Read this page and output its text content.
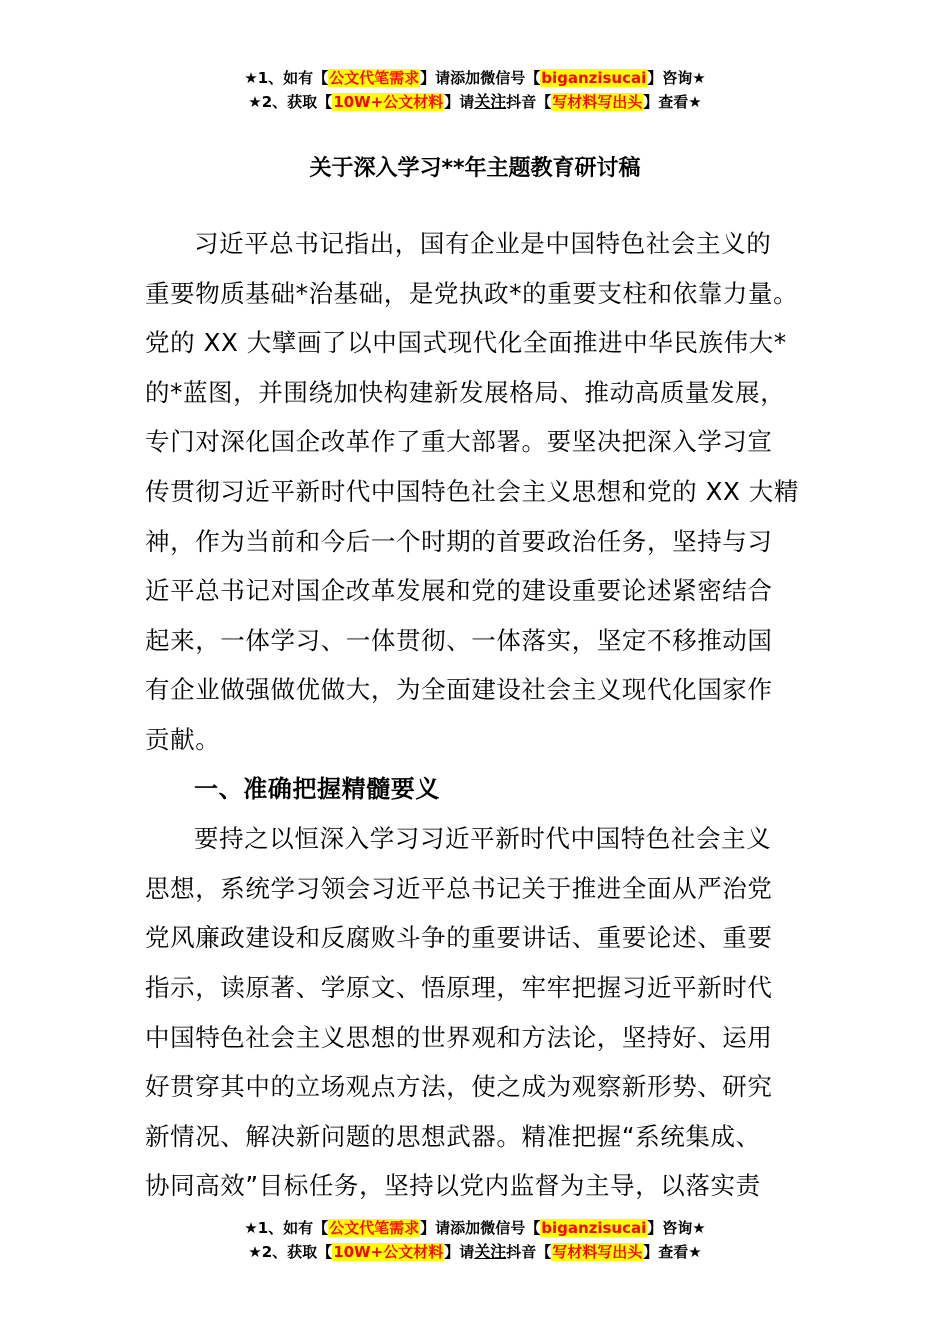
★1、如有【公文代笔需求】请添加微信号【biganzisucai】咨询★
★2、获取【10W+公文材料】请关注抖音【写材料写出头】查看★
关于深入学习**年主题教育研讨稿

习近平总书记指出，国有企业是中国特色社会主义的
重要物质基础*治基础，是党执政*的重要支柱和依靠力量。
党的 XX 大擘画了以中国式现代化全面推进中华民族伟大*
的*蓝图，并围绕加快构建新发展格局、推动高质量发展，
专门对深化国企改革作了重大部署。要坚决把深入学习宣
传贯彻习近平新时代中国特色社会主义思想和党的 XX 大精
神，作为当前和今后一个时期的首要政治任务，坚持与习
近平总书记对国企改革发展和党的建设重要论述紧密结合
起来，一体学习、一体贯彻、一体落实，坚定不移推动国
有企业做强做优做大，为全面建设社会主义现代化国家作
贡献。

一、准确把握精髓要义

要持之以恒深入学习习近平新时代中国特色社会主义
思想，系统学习领会习近平总书记关于推进全面从严治党
党风廉政建设和反腐败斗争的重要讲话、重要论述、重要
指示，读原著、学原文、悟原理，牢牢把握习近平新时代
中国特色社会主义思想的世界观和方法论，坚持好、运用
好贯穿其中的立场观点方法，使之成为观察新形势、研究
新情况、解决新问题的思想武器。精准把握“系统集成、
协同高效”目标任务，坚持以党内监督为主导，以落实责

★1、如有【公文代笔需求】请添加微信号【biganzisucai】咨询★
★2、获取【10W+公文材料】请关注抖音【写材料写出头】查看★
